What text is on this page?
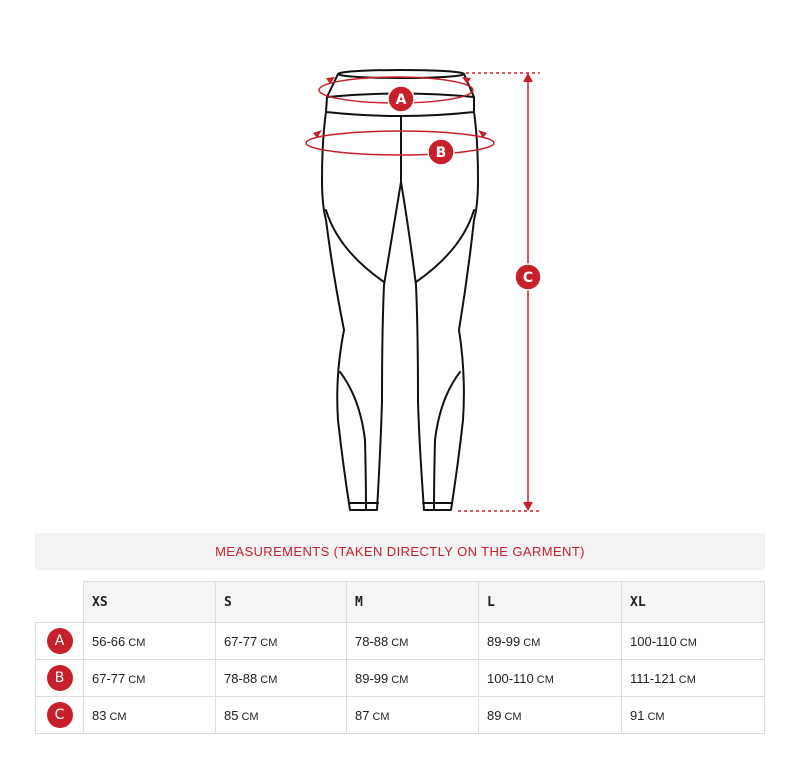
A
B
C
MEASUREMENTS (TAKEN DIRECTLY ON THE GARMENT)
	XS	S	M	L	XL
A	56-66 CM	67-77 CM	78-88 CM	89-99 CM	100-110 CM
B	67-77 CM	78-88 CM	89-99 CM	100-110 CM	111-121 CM
C	83 CM	85 CM	87 CM	89 CM	91 CM
